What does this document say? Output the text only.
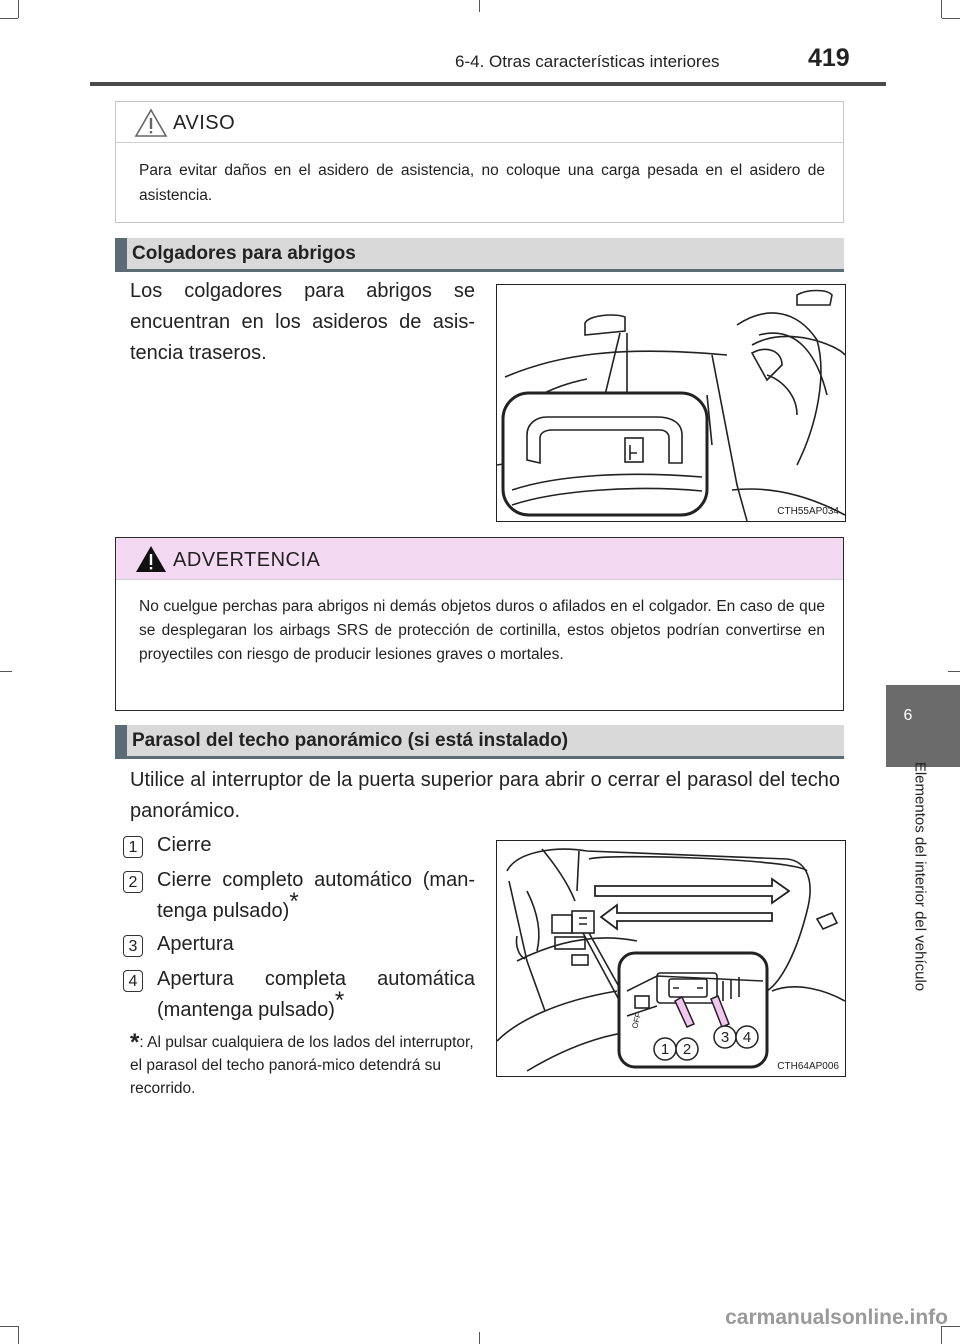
6-4. Otras características interiores	419
6
Elementos del interior del vehículo
AVISO
Para evitar daños en el asidero de asistencia, no coloque una carga pesada en el asidero de asistencia.
Colgadores para abrigos
Los colgadores para abrigos se encuentran en los asideros de asis-tencia traseros.
CTH55AP034
ADVERTENCIA
No cuelgue perchas para abrigos ni demás objetos duros o afilados en el colgador. En caso de que se desplegaran los airbags SRS de protección de cortinilla, estos objetos podrían convertirse en proyectiles con riesgo de producir lesiones graves o mortales.
Parasol del techo panorámico (si está instalado)
Utilice al interruptor de la puerta superior para abrir o cerrar el parasol del techo panorámico.
1 Cierre
2 Cierre completo automático (man-tenga pulsado)*
3 Apertura
4 Apertura completa automática (mantenga pulsado)*
*: Al pulsar cualquiera de los lados del interruptor, el parasol del techo panorá-mico detendrá su recorrido.
OFF
1 2
3 4
CTH64AP006
carmanualsonline.info
